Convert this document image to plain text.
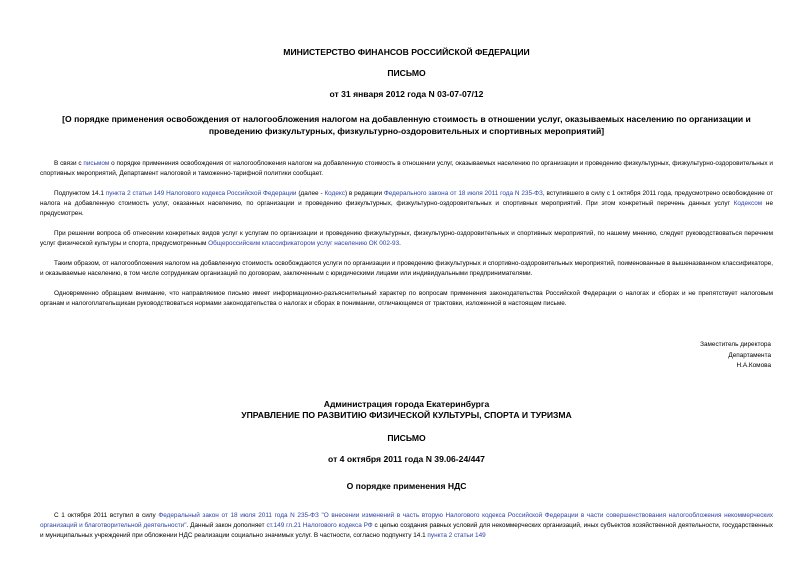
МИНИСТЕРСТВО ФИНАНСОВ РОССИЙСКОЙ ФЕДЕРАЦИИ
ПИСЬМО
от 31 января 2012 года N 03-07-07/12
[О порядке применения освобождения от налогообложения налогом на добавленную стоимость в отношении услуг, оказываемых населению по организации и проведению физкультурных, физкультурно-оздоровительных и спортивных мероприятий]

В связи с письмом о порядке применения освобождения от налогообложения налогом на добавленную стоимость в отношении услуг, оказываемых населению по организации и проведению физкультурных, физкультурно-оздоровительных и спортивных мероприятий, Департамент налоговой и таможенно-тарифной политики сообщает.

Подпунктом 14.1 пункта 2 статьи 149 Налогового кодекса Российской Федерации (далее - Кодекс) в редакции Федерального закона от 18 июля 2011 года N 235-ФЗ, вступившего в силу с 1 октября 2011 года, предусмотрено освобождение от налога на добавленную стоимость услуг, оказанных населению, по организации и проведению физкультурных, физкультурно-оздоровительных и спортивных мероприятий. При этом конкретный перечень данных услуг Кодексом не предусмотрен.

При решении вопроса об отнесении конкретных видов услуг к услугам по организации и проведению физкультурных, физкультурно-оздоровительных и спортивных мероприятий, по нашему мнению, следует руководствоваться перечнем услуг физической культуры и спорта, предусмотренным Общероссийским классификатором услуг населению ОК 002-93.

Таким образом, от налогообложения налогом на добавленную стоимость освобождаются услуги по организации и проведению физкультурных и спортивно-оздоровительных мероприятий, поименованные в вышеназванном классификаторе, и оказываемые населению, в том числе сотрудникам организаций по договорам, заключенным с юридическими лицами или индивидуальными предпринимателями.

Одновременно обращаем внимание, что направляемое письмо имеет информационно-разъяснительный характер по вопросам применения законодательства Российской Федерации о налогах и сборах и не препятствует налоговым органам и налогоплательщикам руководствоваться нормами законодательства о налогах и сборах в понимании, отличающемся от трактовки, изложенной в настоящем письме.

Заместитель директора
Департамента
Н.А.Комова
Администрация города Екатеринбурга
УПРАВЛЕНИЕ ПО РАЗВИТИЮ ФИЗИЧЕСКОЙ КУЛЬТУРЫ, СПОРТА И ТУРИЗМА
ПИСЬМО
от 4 октября 2011 года N 39.06-24/447
О порядке применения НДС

С 1 октября 2011 вступил в силу Федеральный закон от 18 июля 2011 года N 235-ФЗ "О внесении изменений в часть вторую Налогового кодекса Российской Федерации в части совершенствования налогообложения некоммерческих организаций и благотворительной деятельности". Данный закон дополняет ст.149 гл.21 Налогового кодекса РФ с целью создания равных условий для некоммерческих организаций, иных субъектов хозяйственной деятельности, государственных и муниципальных учреждений при обложении НДС реализации социально значимых услуг. В частности, согласно подпункту 14.1 пункта 2 статьи 149
